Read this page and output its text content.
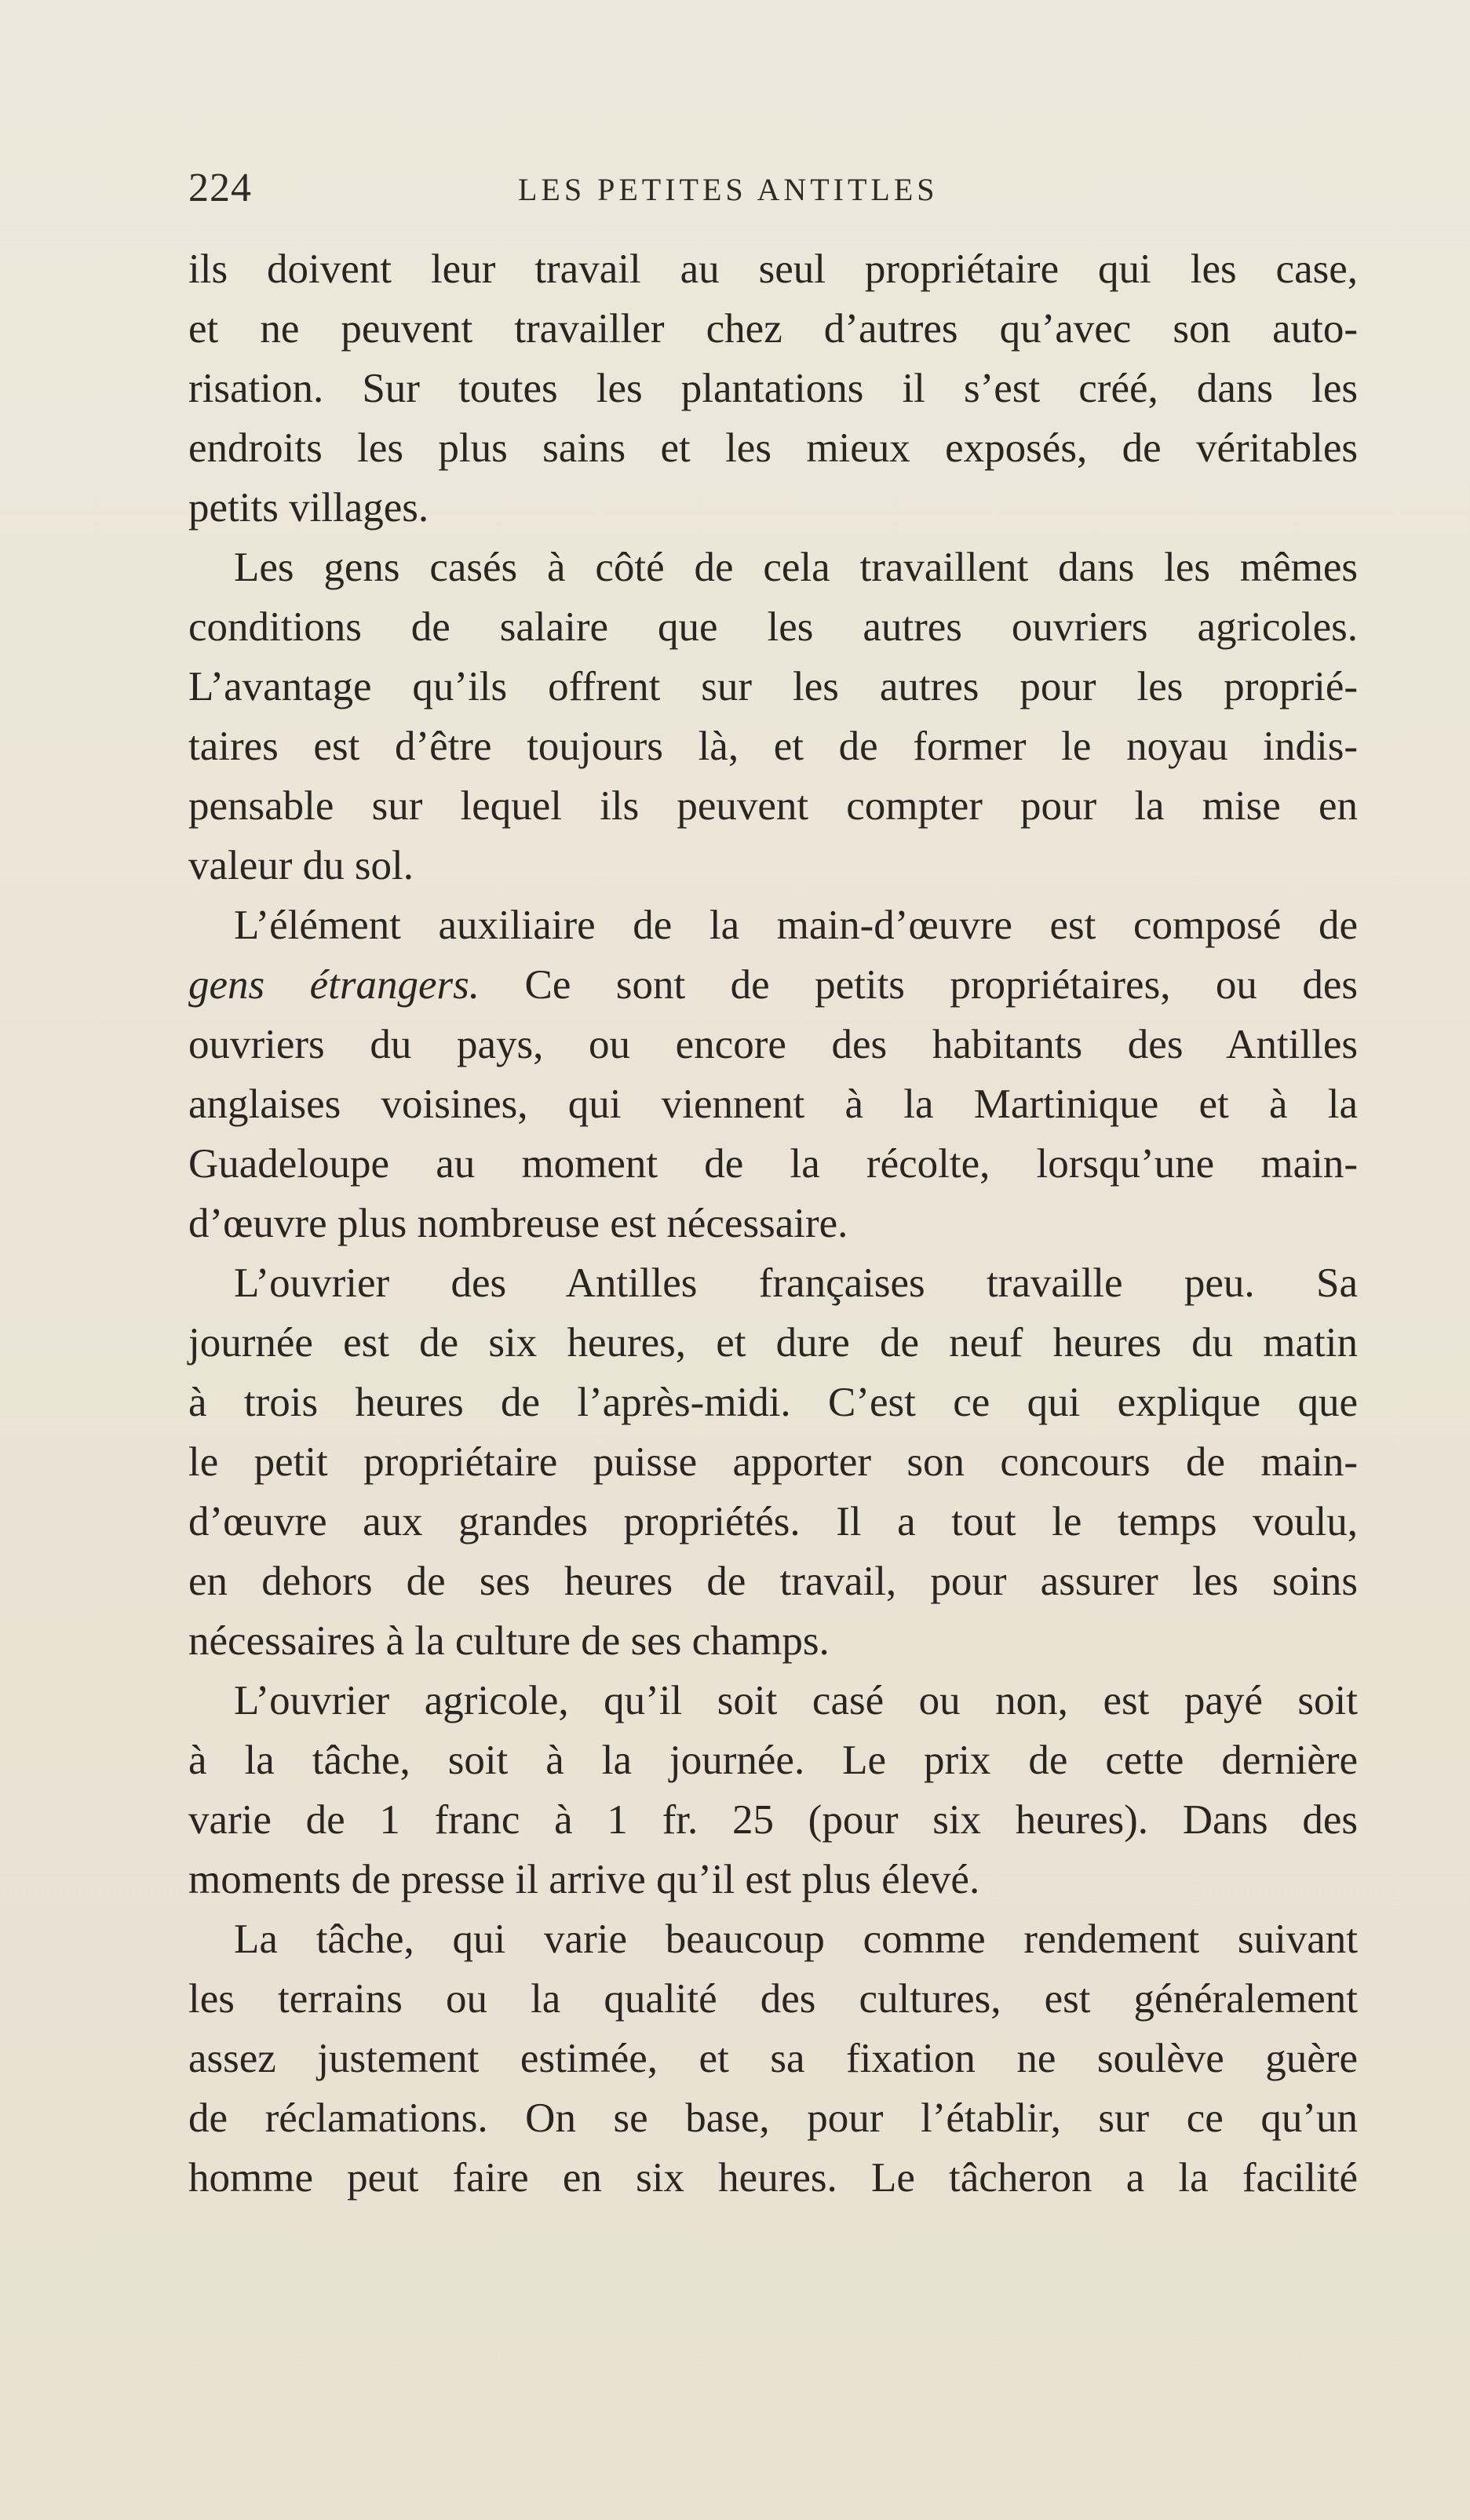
224	LES PETITES ANTITLES
ils doivent leur travail au seul propriétaire qui les case,
et ne peuvent travailler chez d’autres qu’avec son auto-
risation. Sur toutes les plantations il s’est créé, dans les
endroits les plus sains et les mieux exposés, de véritables
petits villages.
Les gens casés à côté de cela travaillent dans les mêmes
conditions de salaire que les autres ouvriers agricoles.
L’avantage qu’ils offrent sur les autres pour les proprié-
taires est d’être toujours là, et de former le noyau indis-
pensable sur lequel ils peuvent compter pour la mise en
valeur du sol.
L’élément auxiliaire de la main-d’œuvre est composé de
gens étrangers. Ce sont de petits propriétaires, ou des
ouvriers du pays, ou encore des habitants des Antilles
anglaises voisines, qui viennent à la Martinique et à la
Guadeloupe au moment de la récolte, lorsqu’une main-
d’œuvre plus nombreuse est nécessaire.
L’ouvrier des Antilles françaises travaille peu. Sa
journée est de six heures, et dure de neuf heures du matin
à trois heures de l’après-midi. C’est ce qui explique que
le petit propriétaire puisse apporter son concours de main-
d’œuvre aux grandes propriétés. Il a tout le temps voulu,
en dehors de ses heures de travail, pour assurer les soins
nécessaires à la culture de ses champs.
L’ouvrier agricole, qu’il soit casé ou non, est payé soit
à la tâche, soit à la journée. Le prix de cette dernière
varie de 1 franc à 1 fr. 25 (pour six heures). Dans des
moments de presse il arrive qu’il est plus élevé.
La tâche, qui varie beaucoup comme rendement suivant
les terrains ou la qualité des cultures, est généralement
assez justement estimée, et sa fixation ne soulève guère
de réclamations. On se base, pour l’établir, sur ce qu’un
homme peut faire en six heures. Le tâcheron a la facilité
